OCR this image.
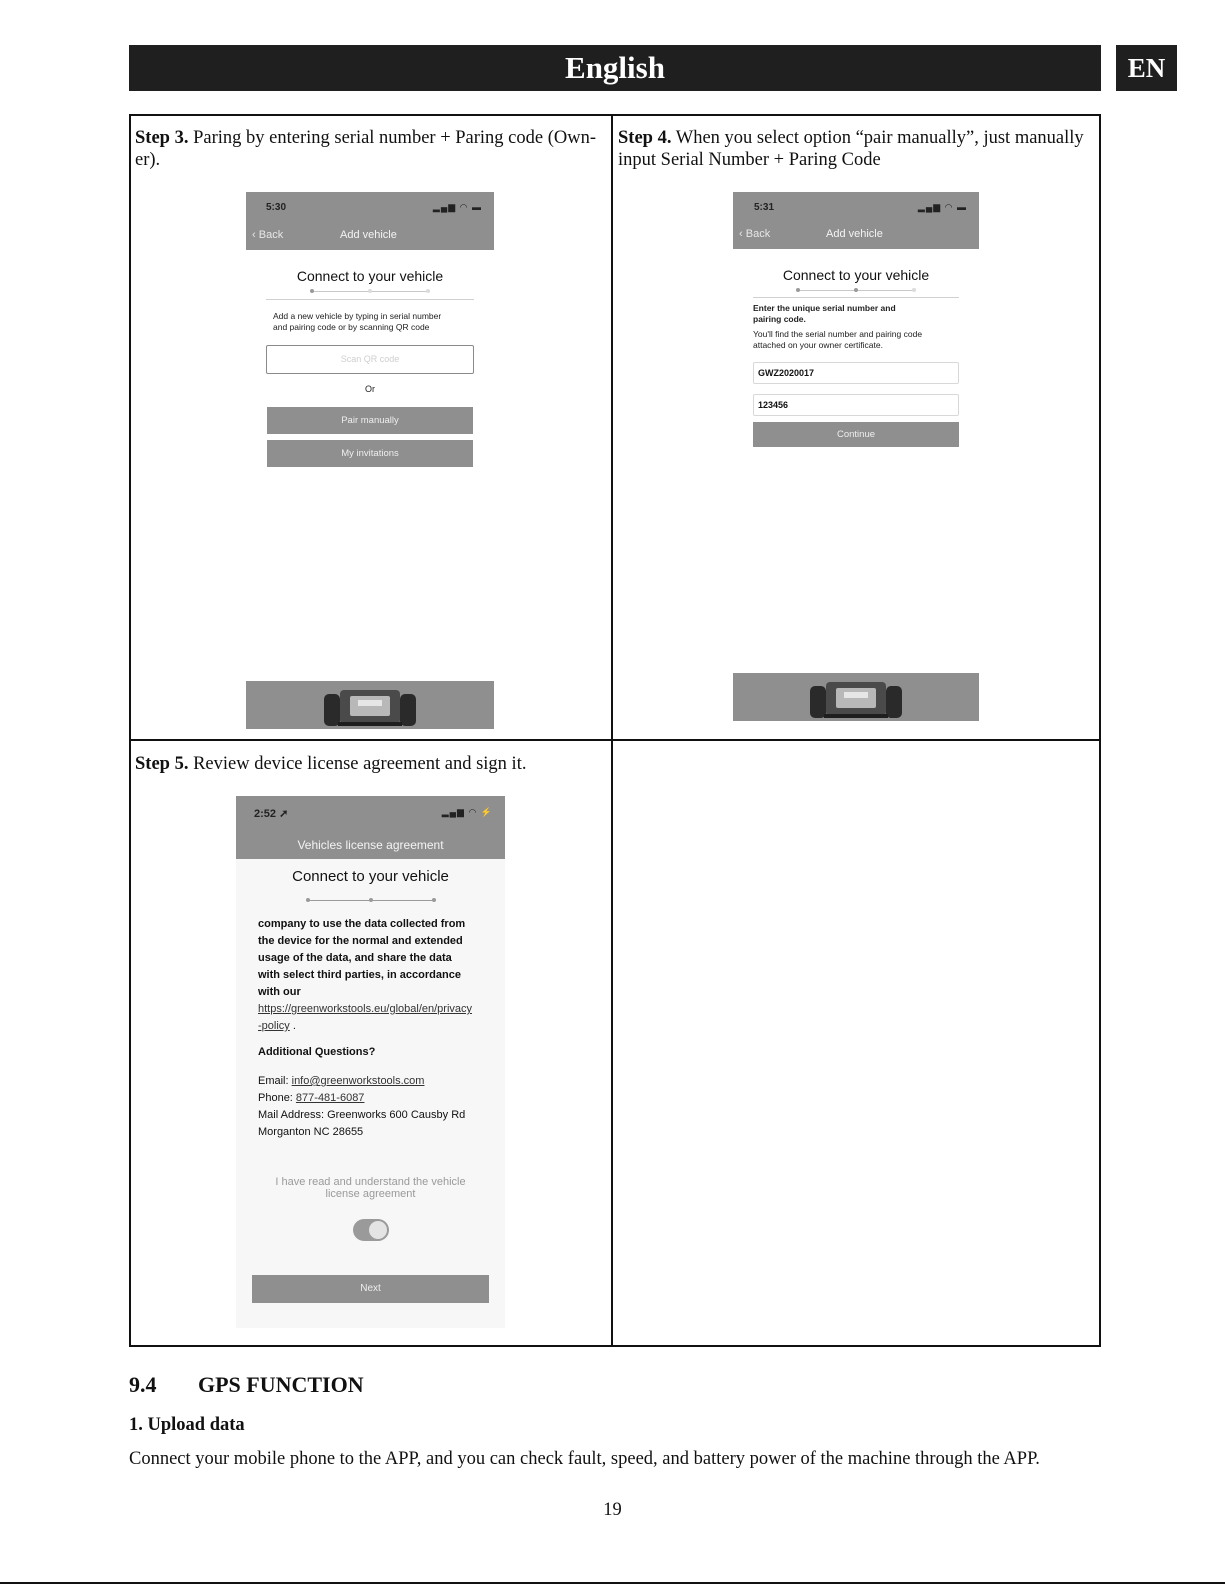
English	EN
Step 3. Paring by entering serial number + Paring code (Own-
er).
5:30	▂▄▆ ◠ ▬
‹ Back	Add vehicle
Connect to your vehicle
Add a new vehicle by typing in serial number
and pairing code or by scanning QR code
Scan QR code
Or
Pair manually
My invitations
Step 4. When you select option “pair manually”, just manually
input Serial Number + Paring Code
5:31	▂▄▆ ◠ ▬
‹ Back	Add vehicle
Connect to your vehicle
Enter the unique serial number and
pairing code.
You'll find the serial number and pairing code
attached on your owner certificate.
GWZ2020017
123456
Continue
Step 5. Review device license agreement and sign it.
2:52 ➚	▂▄▆ ◠ ⚡
Vehicles license agreement
Connect to your vehicle
company to use the data collected from
the device for the normal and extended
usage of the data, and share the data
with select third parties, in accordance
with our
https://greenworkstools.eu/global/en/privacy
-policy .
Additional Questions?
Email: info@greenworkstools.com
Phone: 877-481-6087
Mail Address: Greenworks 600 Causby Rd
Morganton NC 28655
I have read and understand the vehicle
license agreement
Next
9.4 GPS FUNCTION
1. Upload data
Connect your mobile phone to the APP, and you can check fault, speed, and battery power of the machine through the APP.
19
